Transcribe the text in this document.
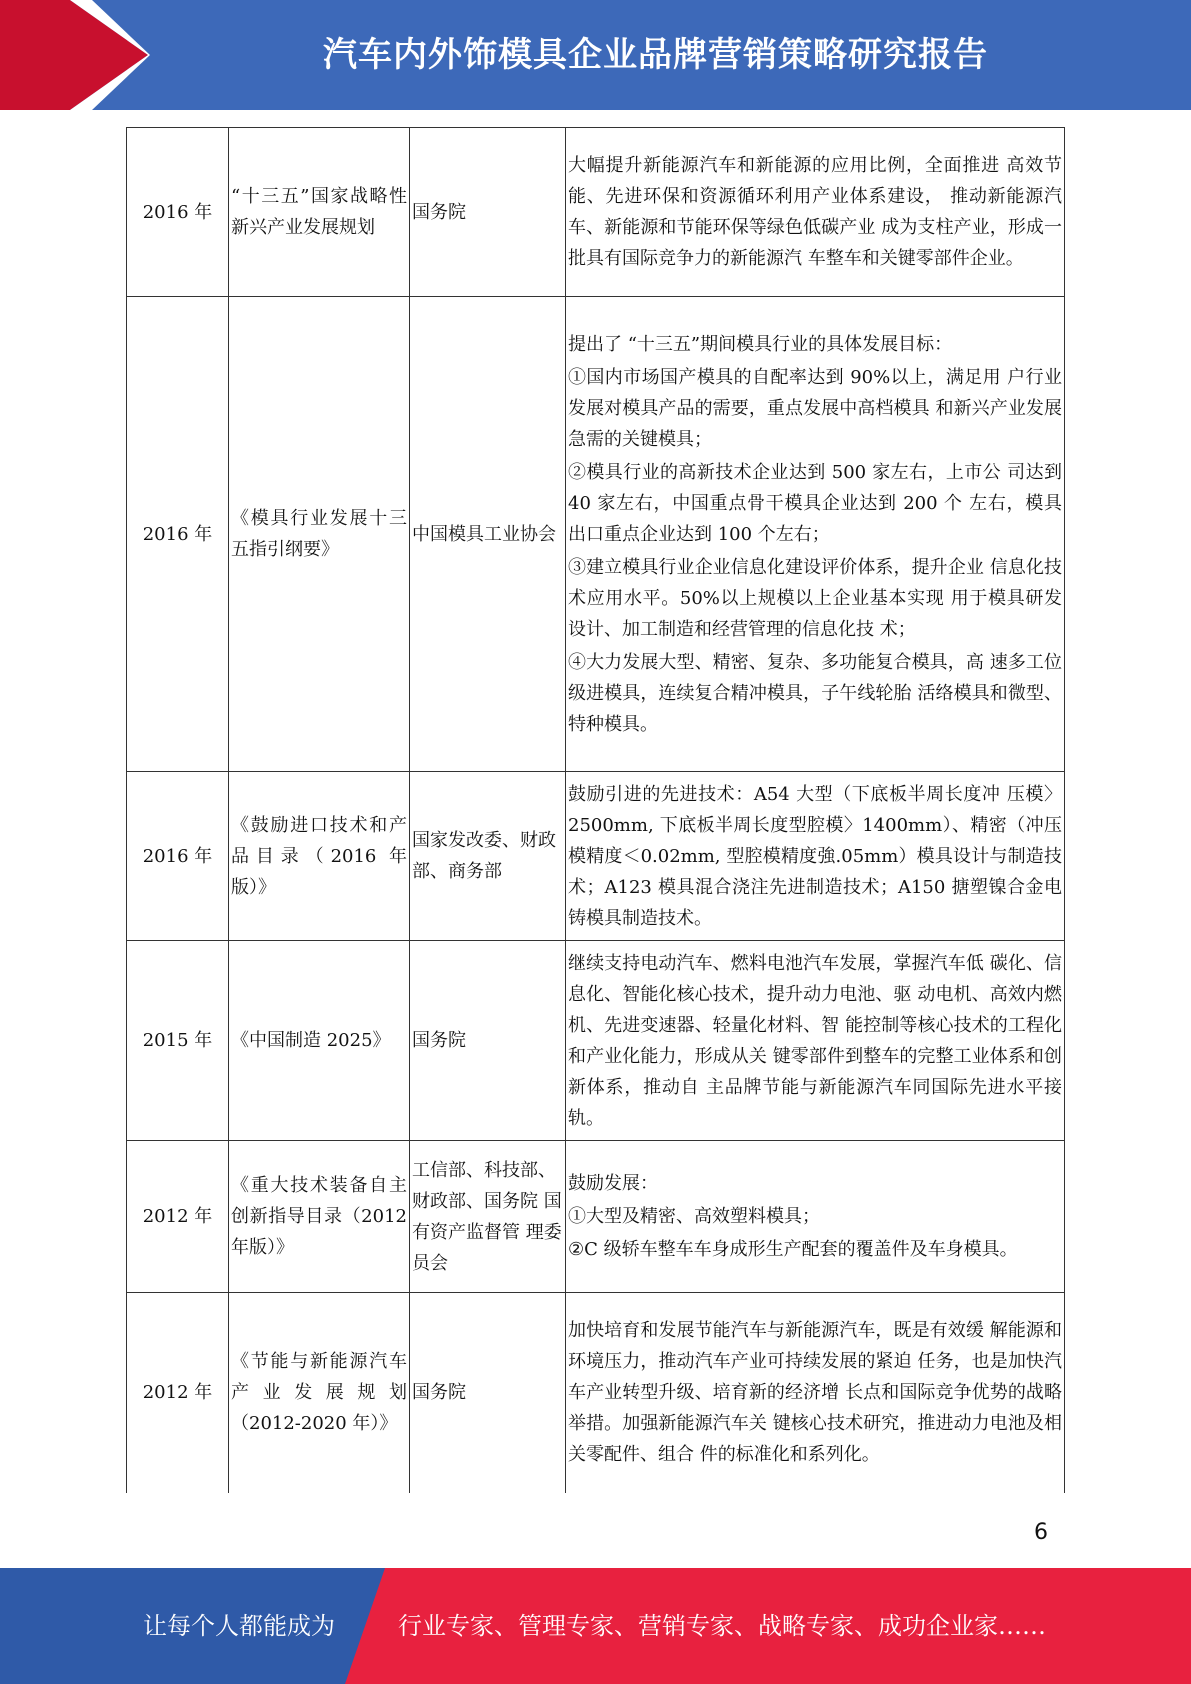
汽车内外饰模具企业品牌营销策略研究报告
2016 年	“十三五”国家战略性新兴产业发展规划	国务院	大幅提升新能源汽车和新能源的应用比例，全面推进 高效节能、先进环保和资源循环利用产业体系建设， 推动新能源汽车、新能源和节能环保等绿色低碳产业 成为支柱产业，形成一批具有国际竞争力的新能源汽 车整车和关键零部件企业。

2016 年	《模具行业发展十三五指引纲要》	中国模具工业协会	提出了 “十三五”期间模具行业的具体发展目标：

①国内市场国产模具的自配率达到 90%以上，满足用 户行业发展对模具产品的需要，重点发展中高档模具 和新兴产业发展急需的关键模具；

②模具行业的高新技术企业达到 500 家左右，上市公 司达到 40 家左右，中国重点骨干模具企业达到 200 个 左右，模具出口重点企业达到 100 个左右；

③建立模具行业企业信息化建设评价体系，提升企业 信息化技术应用水平。50%以上规模以上企业基本实现 用于模具研发设计、加工制造和经营管理的信息化技 术；

④大力发展大型、精密、复杂、多功能复合模具，高 速多工位级进模具，连续复合精冲模具，子午线轮胎 活络模具和微型、特种模具。

2016 年	《鼓励进口技术和产品目录（2016 年版）》	国家发改委、财政部、商务部	鼓励引进的先进技术：A54 大型（下底板半周长度冲 压模〉2500mm, 下底板半周长度型腔模〉1400mm）、精密（冲压模精度＜0.02mm, 型腔模精度強.05mm）模具设计与制造技术；A123 模具混合浇注先进制造技术；A150 搪塑镍合金电铸模具制造技术。

2015 年	《中国制造 2025》	国务院	继续支持电动汽车、燃料电池汽车发展，掌握汽车低 碳化、信息化、智能化核心技术，提升动力电池、驱 动电机、高效内燃机、先进变速器、轻量化材料、智 能控制等核心技术的工程化和产业化能力，形成从关 键零部件到整车的完整工业体系和创新体系，推动自 主品牌节能与新能源汽车同国际先进水平接轨。

2012 年	《重大技术装备自主创新指导目录（2012 年版）》	工信部、科技部、 财政部、国务院 国有资产监督管 理委员会	鼓励发展：

①大型及精密、高效塑料模具；

②C 级轿车整车车身成形生产配套的覆盖件及车身模具。

2012 年	《节能与新能源汽车产业发展规划（2012-2020 年）》	国务院	加快培育和发展节能汽车与新能源汽车，既是有效缓 解能源和环境压力，推动汽车产业可持续发展的紧迫 任务，也是加快汽车产业转型升级、培育新的经济增 长点和国际竞争优势的战略举措。加强新能源汽车关 键核心技术研究，推进动力电池及相关零配件、组合 件的标准化和系列化。

6
让每个人都能成为	行业专家、管理专家、营销专家、战略专家、成功企业家……
